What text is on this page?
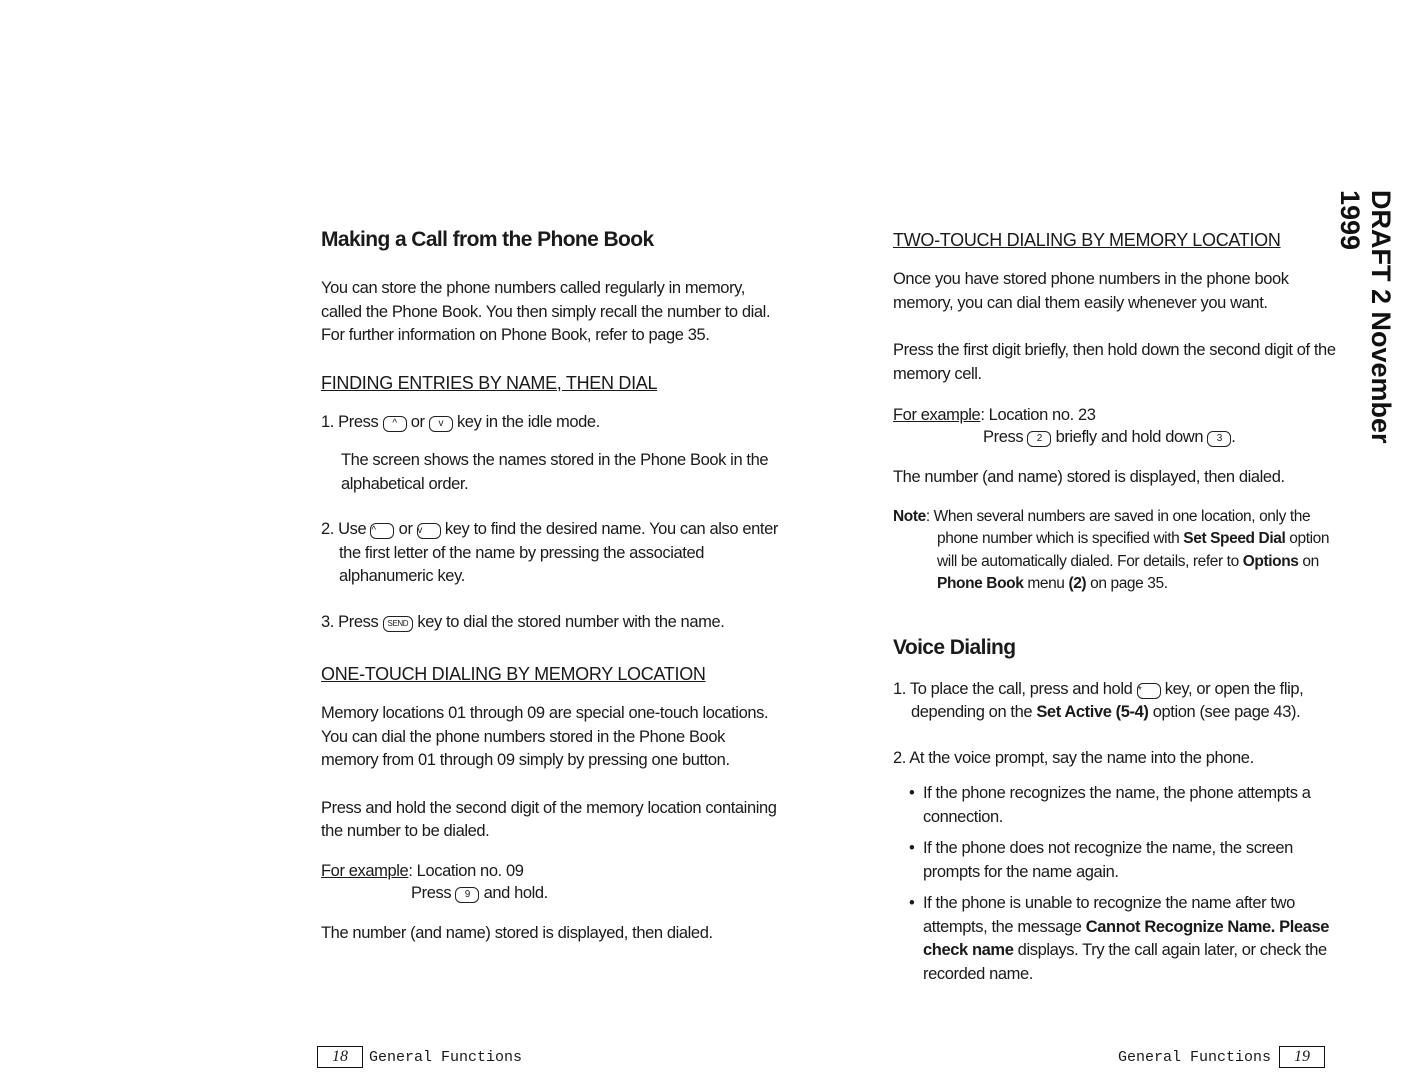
Making a Call from the Phone Book

You can store the phone numbers called regularly in memory, called the Phone Book. You then simply recall the number to dial.

For further information on Phone Book, refer to page 35.

FINDING ENTRIES BY NAME, THEN DIAL

1. Press ^ or v key in the idle mode.

The screen shows the names stored in the Phone Book in the alphabetical order.

2. Use ^ or v key to find the desired name. You can also enter the first letter of the name by pressing the associated alphanumeric key.

3. Press SEND key to dial the stored number with the name.

ONE-TOUCH DIALING BY MEMORY LOCATION

Memory locations 01 through 09 are special one-touch locations. You can dial the phone numbers stored in the Phone Book memory from 01 through 09 simply by pressing one button.

Press and hold the second digit of the memory location containing the number to be dialed.

For example: Location no. 09
Press 9 and hold.

The number (and name) stored is displayed, then dialed.

TWO-TOUCH DIALING BY MEMORY LOCATION

Once you have stored phone numbers in the phone book memory, you can dial them easily whenever you want.

Press the first digit briefly, then hold down the second digit of the memory cell.

For example: Location no. 23
Press 2 briefly and hold down 3 .

The number (and name) stored is displayed, then dialed.

Note: When several numbers are saved in one location, only the phone number which is specified with Set Speed Dial option will be automatically dialed. For details, refer to Options on Phone Book menu (2) on page 35.

Voice Dialing

1. To place the call, press and hold * key, or open the flip, depending on the Set Active (5-4) option (see page 43).

2. At the voice prompt, say the name into the phone.

• If the phone recognizes the name, the phone attempts a connection.

• If the phone does not recognize the name, the screen prompts for the name again.

• If the phone is unable to recognize the name after two attempts, the message Cannot Recognize Name. Please check name displays. Try the call again later, or check the recorded name.

18 General Functions	General Functions 19
DRAFT 2 November 1999
